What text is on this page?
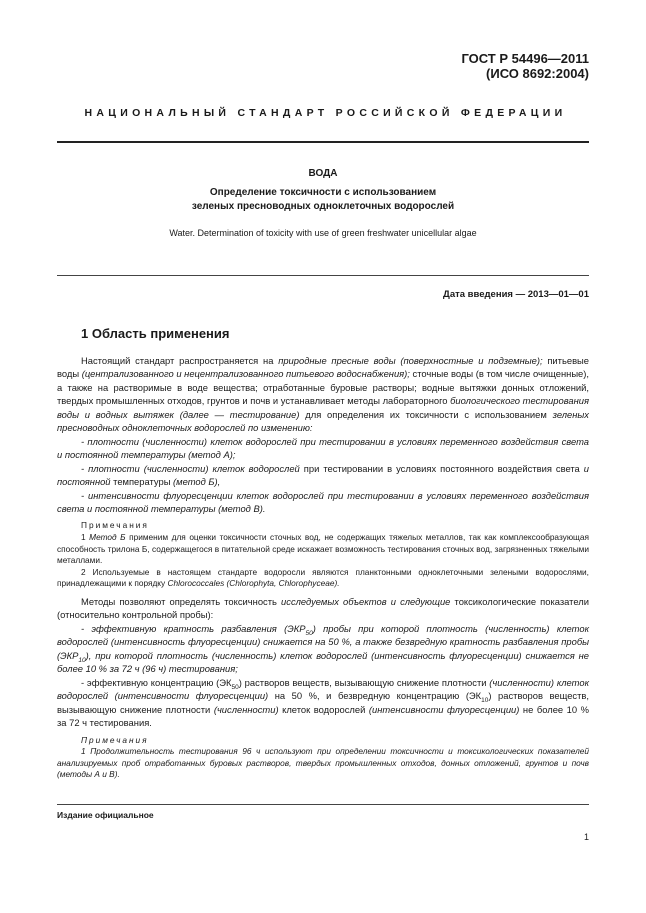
ГОСТ Р 54496—2011
(ИСО 8692:2004)
НАЦИОНАЛЬНЫЙ СТАНДАРТ РОССИЙСКОЙ ФЕДЕРАЦИИ
ВОДА
Определение токсичности с использованием
зеленых пресноводных одноклеточных водорослей
Water. Determination of toxicity with use of green freshwater unicellular algae
Дата введения — 2013—01—01
1 Область применения

Настоящий стандарт распространяется на природные пресные воды (поверхностные и подземные); питьевые воды (централизованного и нецентрализованного питьевого водоснабжения); сточные воды (в том числе очищенные), а также на растворимые в воде вещества; отработанные буровые растворы; водные вытяжки донных отложений, твердых промышленных отходов, грунтов и почв и устанавливает методы лабораторного биологического тестирования воды и водных вытяжек (далее — тестирование) для определения их токсичности с использованием зеленых пресноводных одноклеточных водорослей по изменению:

- плотности (численности) клеток водорослей при тестировании в условиях переменного воздействия света и постоянной температуры (метод А);

- плотности (численности) клеток водорослей при тестировании в условиях постоянного воздействия света и постоянной температуры (метод Б),

- интенсивности флуоресценции клеток водорослей при тестировании в условиях переменного воздействия света и постоянной температуры (метод В).

Примечания

1 Метод Б применим для оценки токсичности сточных вод, не содержащих тяжелых металлов, так как комплексообразующая способность трилона Б, содержащегося в питательной среде искажает возможность тестирования сточных вод, загрязненных тяжелыми металлами.

2 Используемые в настоящем стандарте водоросли являются планктонными одноклеточными зелеными водорослями, принадлежащими к порядку Chlorococcales (Chlorophyta, Chlorophyceae).

Методы позволяют определять токсичность исследуемых объектов и следующие токсикологические показатели (относительно контрольной пробы):

- эффективную кратность разбавления $(ЭКР_{50})$ пробы при которой плотность (численность) клеток водорослей (интенсивность флуоресценции) снижается на 50 %, а также безвредную кратность разбавления пробы $(ЭКР_{10})$, при которой плотность (численность) клеток водорослей (интенсивность флуоресценции) снижается не более 10 % за 72 ч (96 ч) тестирования;

- эффективную концентрацию $(ЭК_{50})$ растворов веществ, вызывающую снижение плотности (численности) клеток водорослей (интенсивности флуоресценции) на 50 %, и безвредную концентрацию $(ЭК_{10})$ растворов веществ, вызывающую снижение плотности (численности) клеток водорослей (интенсивности флуоресценции) не более 10 % за 72 ч тестирования.

Примечания

1 Продолжительность тестирования 96 ч используют при определении токсичности и токсикологических показателей анализируемых проб отработанных буровых растворов, твердых промышленных отходов, донных отложений, грунтов и почв (методы А и В).

Издание официальное
1
